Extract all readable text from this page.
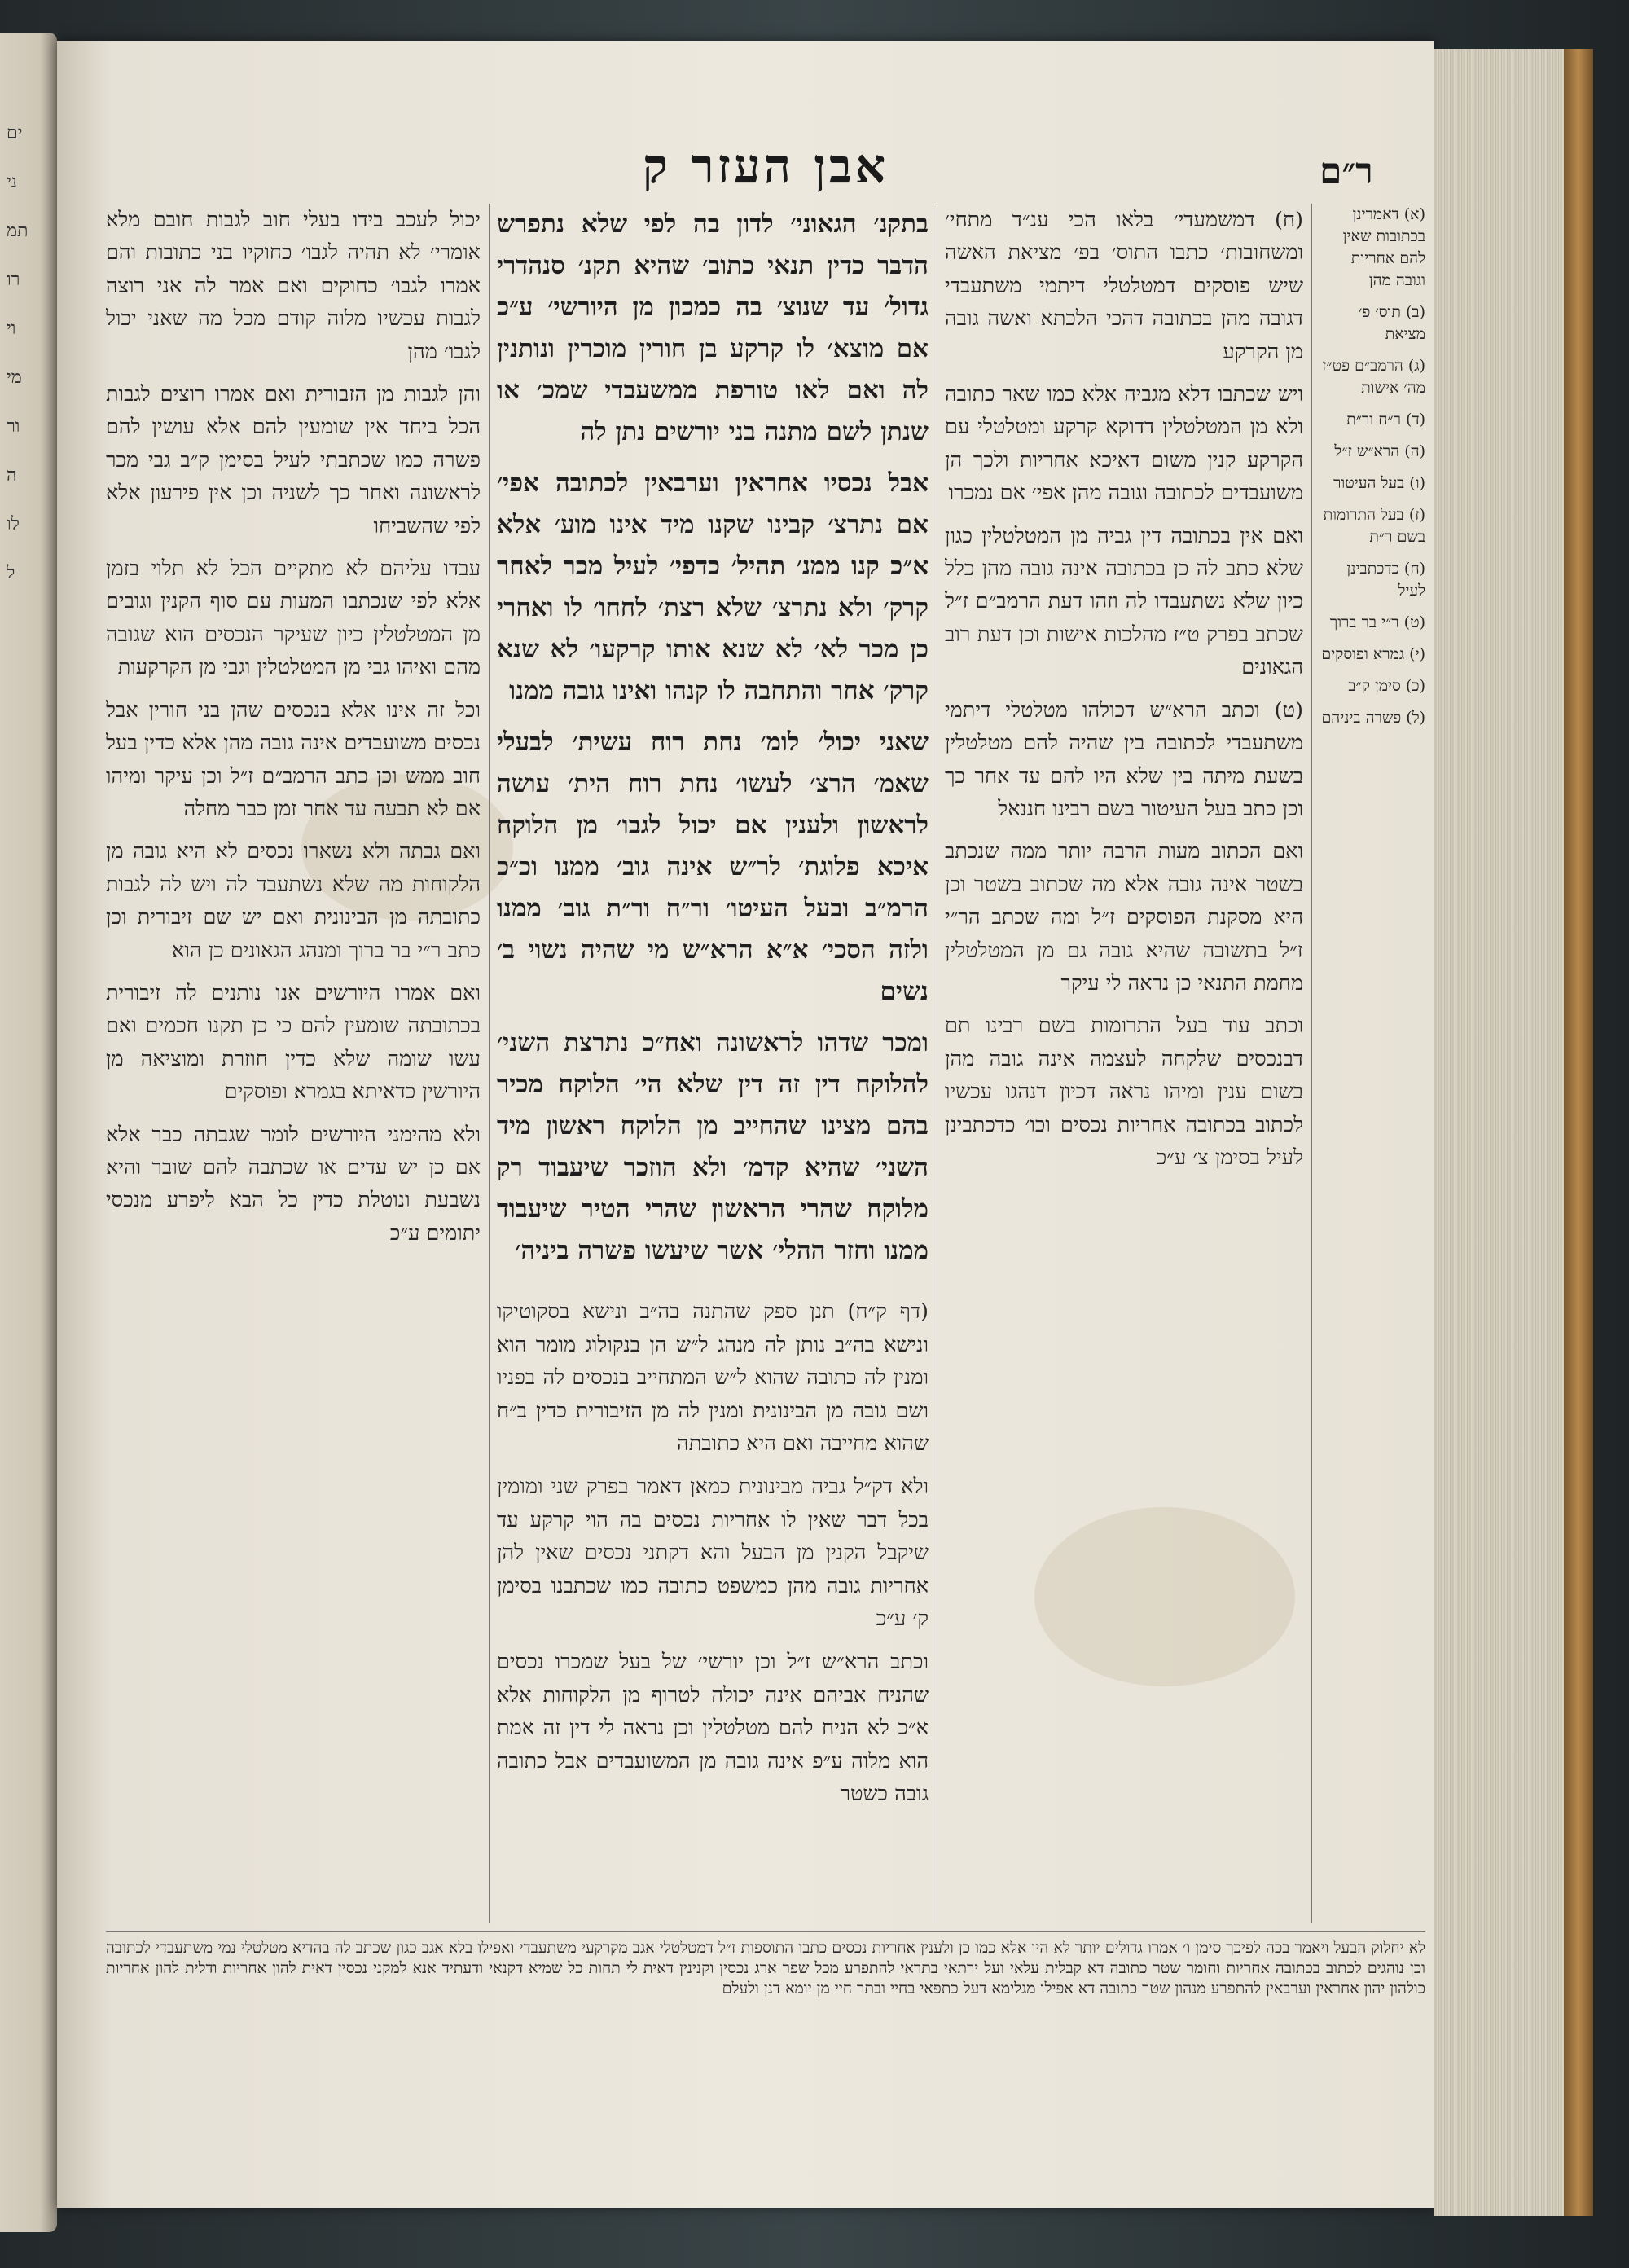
ים
ני
תמ
רו
וי
מי
ור
ה
לו
ל
אבן העזר ק	ר״ם

יכול לעכב בידו בעלי חוב לגבות חובם מלא אומרי׳ לא תהיה לגבו׳ כחוקיו בני כתובות והם אמרו לגבו׳ כחוקים ואם אמר לה אני רוצה לגבות עכשיו מלוה קודם מכל מה שאני יכול לגבו׳ מהן

והן לגבות מן הזבורית ואם אמרו רוצים לגבות הכל ביחד אין שומעין להם אלא עושין להם פשרה כמו שכתבתי לעיל בסימן ק״ב גבי מכר לראשונה ואחר כך לשניה וכן אין פירעון אלא לפי שהשביחו

עבדו עליהם לא מתקיים הכל לא תלוי בזמן אלא לפי שנכתבו המעות עם סוף הקנין וגובים מן המטלטלין כיון שעיקר הנכסים הוא שגובה מהם ואיהו גבי מן המטלטלין וגבי מן הקרקעות

וכל זה אינו אלא בנכסים שהן בני חורין אבל נכסים משועבדים אינה גובה מהן אלא כדין בעל חוב ממש וכן כתב הרמב״ם ז״ל וכן עיקר ומיהו אם לא תבעה עד אחר זמן כבר מחלה

ואם גבתה ולא נשארו נכסים לא היא גובה מן הלקוחות מה שלא נשתעבד לה ויש לה לגבות כתובתה מן הבינונית ואם יש שם זיבורית וכן כתב ר״י בר ברוך ומנהג הגאונים כן הוא

ואם אמרו היורשים אנו נותנים לה זיבורית בכתובתה שומעין להם כי כן תקנו חכמים ואם עשו שומה שלא כדין חוזרת ומוציאה מן היורשין כדאיתא בגמרא ופוסקים

ולא מהימני היורשים לומר שגבתה כבר אלא אם כן יש עדים או שכתבה להם שובר והיא נשבעת ונוטלת כדין כל הבא ליפרע מנכסי יתומים ע״כ

בתקנ׳ הגאוני׳ לדון בה לפי שלא נתפרש הדבר כדין תנאי כתוב׳ שהיא תקנ׳ סנהדרי גדול׳ עד שנוצ׳ בה כמכון מן היורשי׳ ע״כ אם מוצא׳ לו קרקע בן חורין מוכרין ונותנין לה ואם לאו טורפת ממשעבדי שמכ׳ או שנתן לשם מתנה בני יורשים נתן לה

אבל נכסיו אחראין וערבאין לכתובה אפי׳ אם נתרצ׳ קבינו שקנו מיד אינו מוע׳ אלא א״כ קנו ממנ׳ תהיל׳ כדפי׳ לעיל מכר לאחר קרק׳ ולא נתרצ׳ שלא רצת׳ לחחו׳ לו ואחרי כן מכר לא׳ לא שנא אותו קרקעו׳ לא שנא קרק׳ אחר והתחבה לו קנהו ואינו גובה ממנו

שאני יכול׳ לומ׳ נחת רוח עשית׳ לבעלי שאמ׳ הרצ׳ לעשו׳ נחת רוח הית׳ עושה לראשון ולענין אם יכול לגבו׳ מן הלוקח איכא פלוגת׳ לר״ש אינה גוב׳ ממנו וכ״כ הרמ״ב ובעל העיטו׳ ור״ח ור״ת גוב׳ ממנו ולזה הסכי׳ א״א הרא״ש מי שהיה נשוי ב׳ נשים

ומכר שדהו לראשונה ואח״כ נתרצת השני׳ להלוקח דין זה דין שלא הי׳ הלוקח מכיר בהם מצינו שהחייב מן הלוקח ראשון מיד השני׳ שהיא קדמ׳ ולא הוזכר שיעבוד רק מלוקח שהרי הראשון שהרי הטיר שיעבוד ממנו וחזר ההלי׳ אשר שיעשו פשרה ביניה׳

(דף ק״ח) תנן ספק שהתנה בה״ב ונישא בסקוטיקו ונישא בה״ב נותן לה מנהג ל״ש הן בנקולוג מומר הוא ומנין לה כתובה שהוא ל״ש המתחייב בנכסים לה בפניו ושם גובה מן הבינונית ומנין לה מן הזיבורית כדין ב״ח שהוא מחייבה ואם היא כתובתה

ולא דק״ל גביה מבינונית כמאן דאמר בפרק שני ומומין בכל דבר שאין לו אחריות נכסים בה הוי קרקע עד שיקבל הקנין מן הבעל והא דקתני נכסים שאין להן אחריות גובה מהן כמשפט כתובה כמו שכתבנו בסימן ק׳ ע״כ

וכתב הרא״ש ז״ל וכן יורשי׳ של בעל שמכרו נכסים שהניח אביהם אינה יכולה לטרוף מן הלקוחות אלא א״כ לא הניח להם מטלטלין וכן נראה לי דין זה אמת הוא מלוה ע״פ אינה גובה מן המשועבדים אבל כתובה גובה כשטר

(ח) דמשמעדי׳ בלאו הכי ענ״ד מתחי׳ ומשחובות׳ כתבו התוס׳ בפ׳ מציאת האשה שיש פוסקים דמטלטלי דיתמי משתעבדי דגובה מהן בכתובה דהכי הלכתא ואשה גובה מן הקרקע

ויש שכתבו דלא מגביה אלא כמו שאר כתובה ולא מן המטלטלין דדוקא קרקע ומטלטלי עם הקרקע קנין משום דאיכא אחריות ולכך הן משועבדים לכתובה וגובה מהן אפי׳ אם נמכרו

ואם אין בכתובה דין גביה מן המטלטלין כגון שלא כתב לה כן בכתובה אינה גובה מהן כלל כיון שלא נשתעבדו לה וזהו דעת הרמב״ם ז״ל שכתב בפרק ט״ז מהלכות אישות וכן דעת רוב הגאונים

(ט) וכתב הרא״ש דכולהו מטלטלי דיתמי משתעבדי לכתובה בין שהיה להם מטלטלין בשעת מיתה בין שלא היו להם עד אחר כך וכן כתב בעל העיטור בשם רבינו חננאל

ואם הכתוב מעות הרבה יותר ממה שנכתב בשטר אינה גובה אלא מה שכתוב בשטר וכן היא מסקנת הפוסקים ז״ל ומה שכתב הר״י ז״ל בתשובה שהיא גובה גם מן המטלטלין מחמת התנאי כן נראה לי עיקר

וכתב עוד בעל התרומות בשם רבינו תם דבנכסים שלקחה לעצמה אינה גובה מהן בשום ענין ומיהו נראה דכיון דנהגו עכשיו לכתוב בכתובה אחריות נכסים וכו׳ כדכתבינן לעיל בסימן צ׳ ע״כ

(א) דאמרינן בכתובות שאין להם אחריות וגובה מהן

(ב) תוס׳ פ׳ מציאת

(ג) הרמב״ם פט״ז מה׳ אישות

(ד) ר״ח ור״ת

(ה) הרא״ש ז״ל

(ו) בעל העיטור

(ז) בעל התרומות בשם ר״ת

(ח) כדכתבינן לעיל

(ט) ר״י בר ברוך

(י) גמרא ופוסקים

(כ) סימן ק״ב

(ל) פשרה ביניהם

לא יחלוק הבעל ויאמר בכה לפיכך סימן ו׳ אמרו גדולים יותר לא היו אלא כמו כן ולענין אחריות נכסים כתבו התוספות ז״ל דמטלטלי אגב מקרקעי משתעבדי ואפילו בלא אגב כגון שכתב לה בהדיא מטלטלי נמי משתעבדי לכתובה וכן נוהגים לכתוב בכתובה אחריות וחומר שטר כתובה דא קבלית עלאי ועל ירתאי בתראי להתפרע מכל שפר ארג נכסין וקנינין דאית לי תחות כל שמיא דקנאי ודעתיד אנא למקני נכסין דאית להון אחריות ודלית להון אחריות כולהון יהון אחראין וערבאין להתפרע מנהון שטר כתובה דא אפילו מגלימא דעל כתפאי בחיי ובתר חיי מן יומא דנן ולעלם
